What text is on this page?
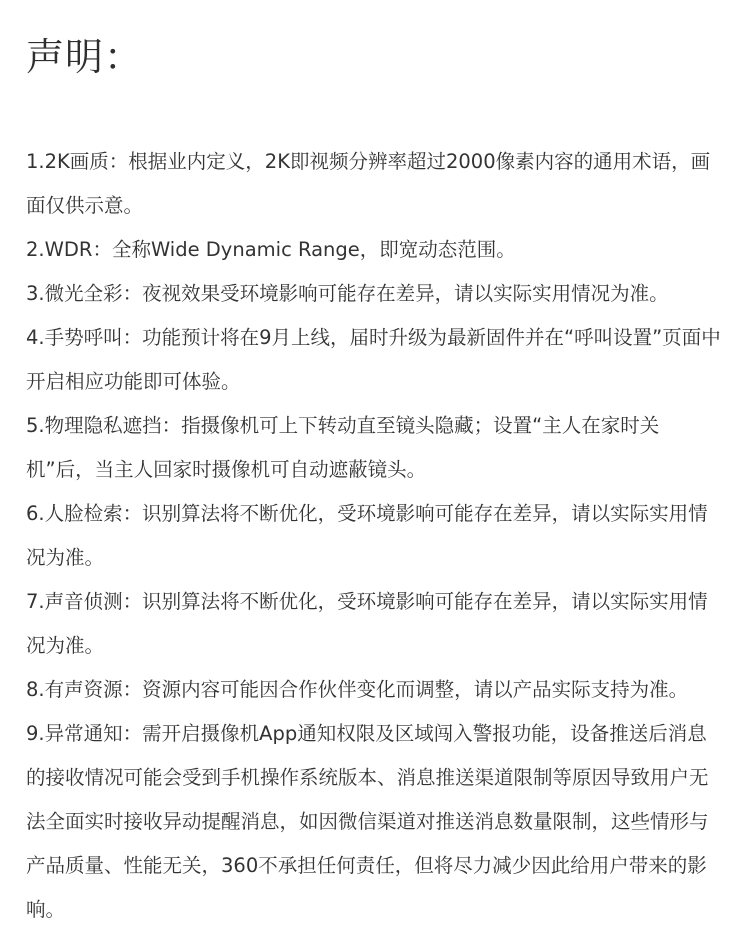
声明：

1.2K画质：根据业内定义，2K即视频分辨率超过2000像素内容的通用术语，画面仅供示意。

2.WDR：全称Wide Dynamic Range，即宽动态范围。

3.微光全彩：夜视效果受环境影响可能存在差异，请以实际实用情况为准。

4.手势呼叫：功能预计将在9月上线，届时升级为最新固件并在“呼叫设置”页面中开启相应功能即可体验。

5.物理隐私遮挡：指摄像机可上下转动直至镜头隐藏；设置“主人在家时关机”后，当主人回家时摄像机可自动遮蔽镜头。

6.人脸检索：识别算法将不断优化，受环境影响可能存在差异，请以实际实用情况为准。

7.声音侦测：识别算法将不断优化，受环境影响可能存在差异，请以实际实用情况为准。

8.有声资源：资源内容可能因合作伙伴变化而调整，请以产品实际支持为准。

9.异常通知：需开启摄像机App通知权限及区域闯入警报功能，设备推送后消息的接收情况可能会受到手机操作系统版本、消息推送渠道限制等原因导致用户无法全面实时接收异动提醒消息，如因微信渠道对推送消息数量限制，这些情形与产品质量、性能无关，360不承担任何责任，但将尽力减少因此给用户带来的影响。
